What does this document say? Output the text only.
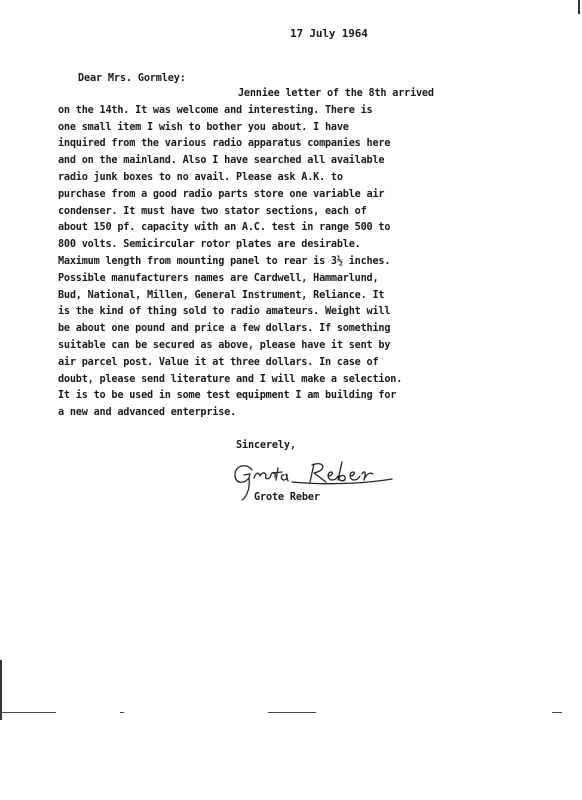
17 July 1964
Dear Mrs. Gormley:
Jenniee letter of the 8th arrived
on the 14th. It was welcome and interesting. There is
one small item I wish to bother you about. I have
inquired from the various radio apparatus companies here
and on the mainland. Also I have searched all available
radio junk boxes to no avail. Please ask A.K. to
purchase from a good radio parts store one variable air
condenser. It must have two stator sections, each of
about 150 pf. capacity with an A.C. test in range 500 to
800 volts. Semicircular rotor plates are desirable.
Maximum length from mounting panel to rear is 3½ inches.
Possible manufacturers names are Cardwell, Hammarlund,
Bud, National, Millen, General Instrument, Reliance. It
is the kind of thing sold to radio amateurs. Weight will
be about one pound and price a few dollars. If something
suitable can be secured as above, please have it sent by
air parcel post. Value it at three dollars. In case of
doubt, please send literature and I will make a selection.
It is to be used in some test equipment I am building for
a new and advanced enterprise.
Sincerely,
Grote Reber
